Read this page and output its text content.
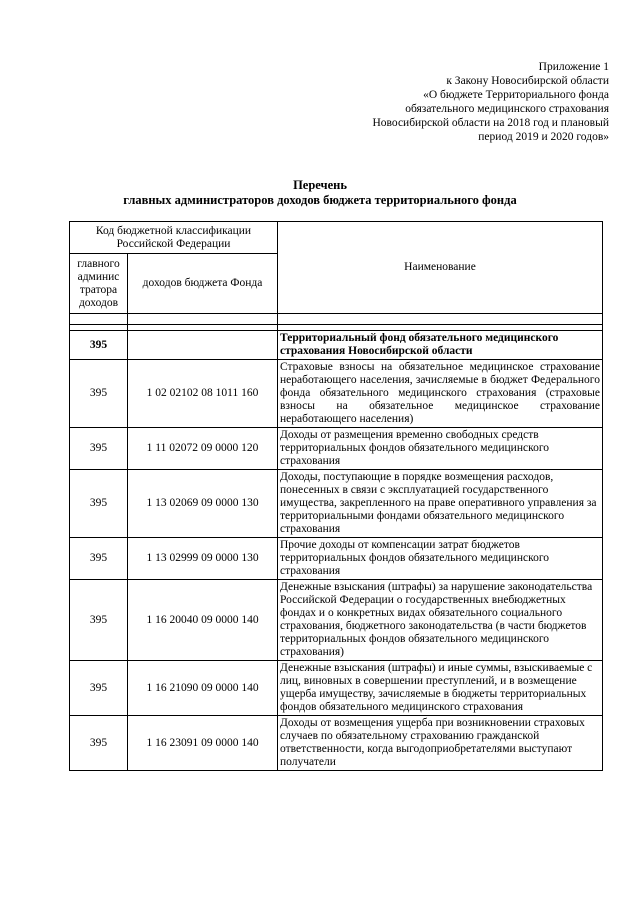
Приложение 1
к Закону Новосибирской области
«О бюджете Территориального фонда
обязательного медицинского страхования
Новосибирской области на 2018 год и плановый
период 2019 и 2020 годов»
Перечень
главных администраторов доходов бюджета территориального фонда
Код бюджетной классификации Российской Федерации		Наименование
главного админис тратора доходов	доходов бюджета Фонда	

395		Территориальный фонд обязательного медицинского страхования Новосибирской области
395	1 02 02102 08 1011 160	Страховые взносы на обязательное медицинское страхование неработающего населения, зачисляемые в бюджет Федерального фонда обязательного медицинского страхования (страховые взносы на обязательное медицинское страхование неработающего населения)
395	1 11 02072 09 0000 120	Доходы от размещения временно свободных средств территориальных фондов обязательного медицинского страхования
395	1 13 02069 09 0000 130	Доходы, поступающие в порядке возмещения расходов, понесенных в связи с эксплуатацией государственного имущества, закрепленного на праве оперативного управления за территориальными фондами обязательного медицинского страхования
395	1 13 02999 09 0000 130	Прочие доходы от компенсации затрат бюджетов территориальных фондов обязательного медицинского страхования
395	1 16 20040 09 0000 140	Денежные взыскания (штрафы) за нарушение законодательства Российской Федерации о государственных внебюджетных фондах и о конкретных видах обязательного социального страхования, бюджетного законодательства (в части бюджетов территориальных фондов обязательного медицинского страхования)
395	1 16 21090 09 0000 140	Денежные взыскания (штрафы) и иные суммы, взыскиваемые с лиц, виновных в совершении преступлений, и в возмещение ущерба имуществу, зачисляемые в бюджеты территориальных фондов обязательного медицинского страхования
395	1 16 23091 09 0000 140	Доходы от возмещения ущерба при возникновении страховых случаев по обязательному страхованию гражданской ответственности, когда выгодоприобретателями выступают получатели
